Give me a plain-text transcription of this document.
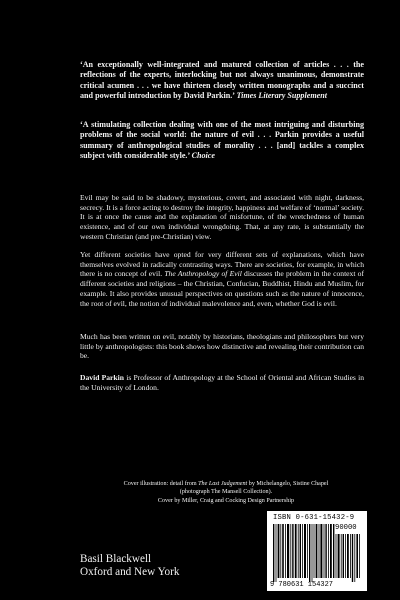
‘An exceptionally well-integrated and matured collection of articles . . . the reflections of the experts, interlocking but not always unanimous, demonstrate critical acumen . . . we have thirteen closely written monographs and a succinct and powerful introduction by David Parkin.’ Times Literary Supplement

‘A stimulating collection dealing with one of the most intriguing and disturbing problems of the social world: the nature of evil . . . Parkin provides a useful summary of anthropological studies of morality . . . [and] tackles a complex subject with considerable style.’ Choice

Evil may be said to be shadowy, mysterious, covert, and associated with night, darkness, secrecy. It is a force acting to destroy the integrity, happiness and welfare of ‘normal’ society. It is at once the cause and the explanation of misfortune, of the wretchedness of human existence, and of our own individual wrongdoing. That, at any rate, is substantially the western Christian (and pre-Christian) view.

Yet different societies have opted for very different sets of explanations, which have themselves evolved in radically contrasting ways. There are societies, for example, in which there is no concept of evil. The Anthropology of Evil discusses the problem in the context of different societies and religions – the Christian, Confucian, Buddhist, Hindu and Muslim, for example. It also provides unusual perspectives on questions such as the nature of innocence, the root of evil, the notion of individual malevolence and, even, whether God is evil.

Much has been written on evil, notably by historians, theologians and philosophers but very little by anthropologists: this book shows how distinctive and revealing their contribution can be.

David Parkin is Professor of Anthropology at the School of Oriental and African Studies in the University of London.

Cover illustration: detail from The Last Judgement by Michelangelo, Sistine Chapel
(photograph The Mansell Collection).
Cover by Miller, Craig and Cocking Design Partnership
Basil Blackwell
Oxford and New York
ISBN 0-631-15432-9
90000
9 780631 154327
